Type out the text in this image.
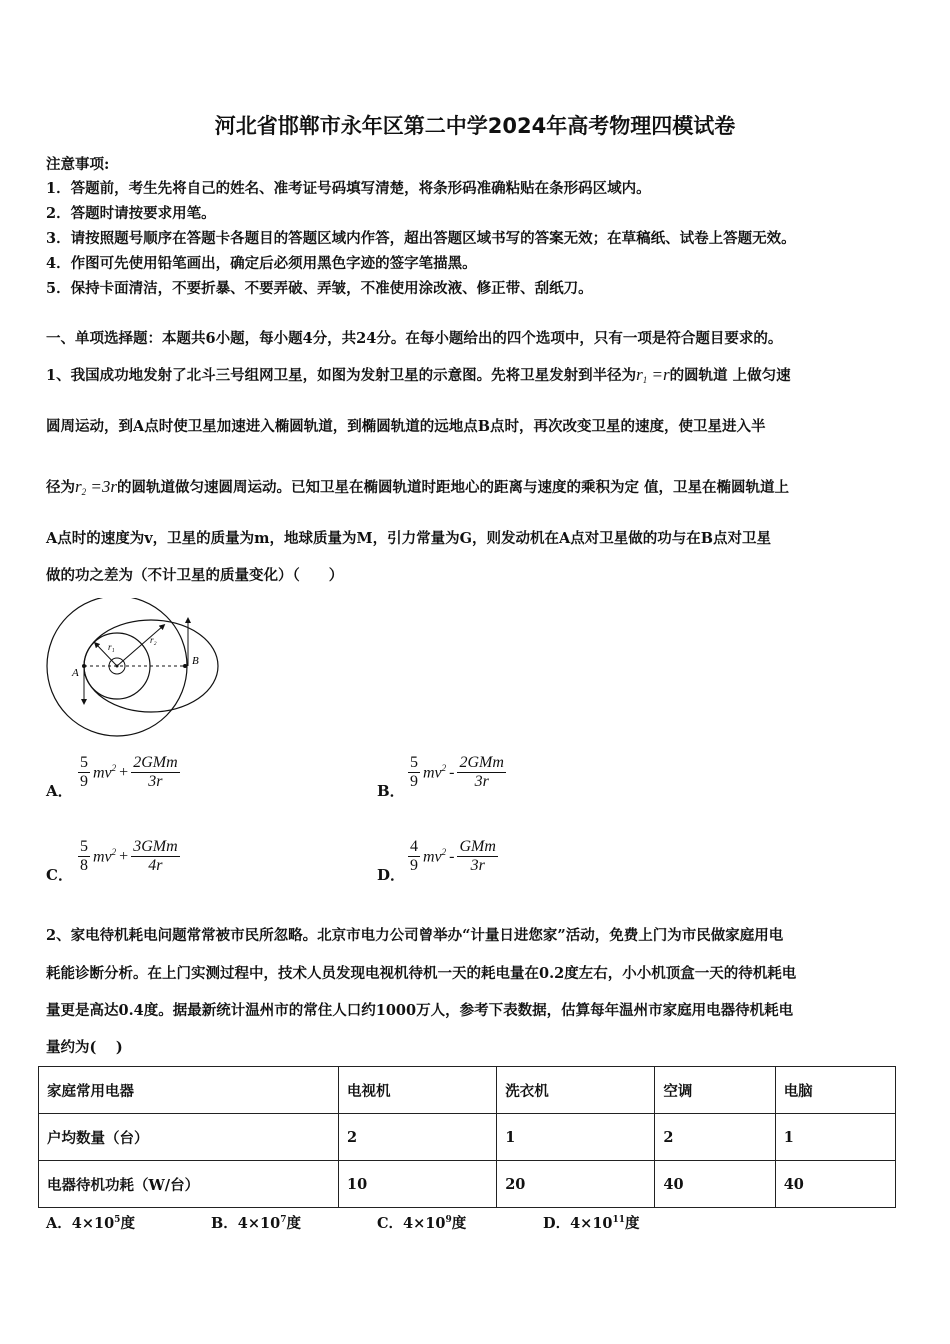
河北省邯郸市永年区第二中学2024年高考物理四模试卷
注意事项:
1．答题前，考生先将自己的姓名、准考证号码填写清楚，将条形码准确粘贴在条形码区域内。
2．答题时请按要求用笔。
3．请按照题号顺序在答题卡各题目的答题区域内作答，超出答题区域书写的答案无效；在草稿纸、试卷上答题无效。
4．作图可先使用铅笔画出，确定后必须用黑色字迹的签字笔描黑。
5．保持卡面清洁，不要折暴、不要弄破、弄皱，不准使用涂改液、修正带、刮纸刀。
一、单项选择题：本题共6小题，每小题4分，共24分。在每小题给出的四个选项中，只有一项是符合题目要求的。
1、我国成功地发射了北斗三号组网卫星，如图为发射卫星的示意图。先将卫星发射到半径为$r_1 =r$的圆轨道 上做匀速
圆周运动，到A点时使卫星加速进入椭圆轨道，到椭圆轨道的远地点B点时，再次改变卫星的速度，使卫星进入半
径为$r_2 =3r$的圆轨道做匀速圆周运动。已知卫星在椭圆轨道时距地心的距离与速度的乘积为定 值，卫星在椭圆轨道上
A点时的速度为v，卫星的质量为m，地球质量为M，引力常量为G，则发动机在A点对卫星做的功与在B点对卫星
做的功之差为（不计卫星的质量变化）（　　）
A
B
r₁
r₂
A． $\frac{5}{9} mv^2 + \frac{\text{2GMm}}{3r}$	B． $\frac{5}{9} mv^2 - \frac{\text{2GMm}}{3r}$
C． $\frac{5}{8} mv^2 + \frac{\text{3GMm}}{4r}$	D． $\frac{4}{9} mv^2 - \frac{\text{GMm}}{3r}$
2、家电待机耗电问题常常被市民所忽略。北京市电力公司曾举办“计量日进您家”活动，免费上门为市民做家庭用电
耗能诊断分析。在上门实测过程中，技术人员发现电视机待机一天的耗电量在0.2度左右，小小机顶盒一天的待机耗电
量更是高达0.4度。据最新统计温州市的常住人口约1000万人，参考下表数据，估算每年温州市家庭用电器待机耗电
量约为(　 )
家庭常用电器	电视机	洗衣机	空调	电脑
户均数量（台）	2	1	2	1
电器待机功耗（W/台）	10	20	40	40
A．$4\times 10^5$度	B．$4\times 10^7$度	C．$4\times 10^9$度	D．$4\times 10^{11}$度
